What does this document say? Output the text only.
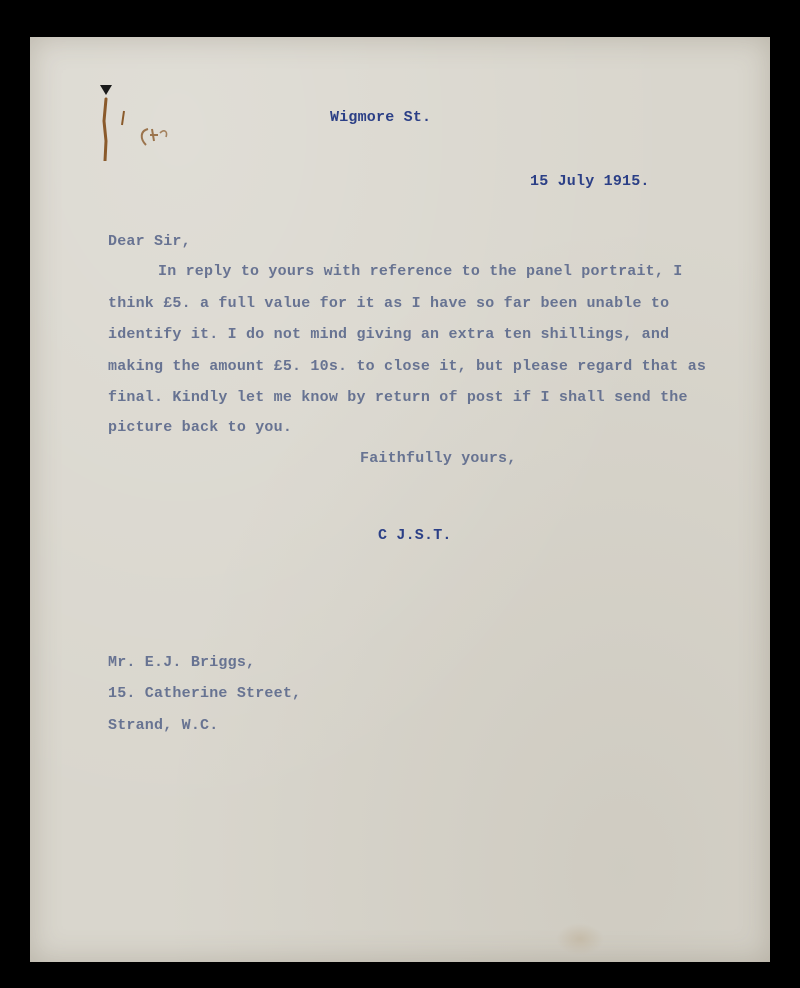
Wigmore St.
15 July 1915.
Dear Sir,
In reply to yours with reference to the panel portrait, I
think £5. a full value for it as I have so far been unable to
identify it. I do not mind giving an extra ten shillings, and
making the amount £5. 10s. to close it, but please regard that as
final. Kindly let me know by return of post if I shall send the
picture back to you.
Faithfully yours,
C J.S.T.
Mr. E.J. Briggs,
15. Catherine Street,
Strand, W.C.
